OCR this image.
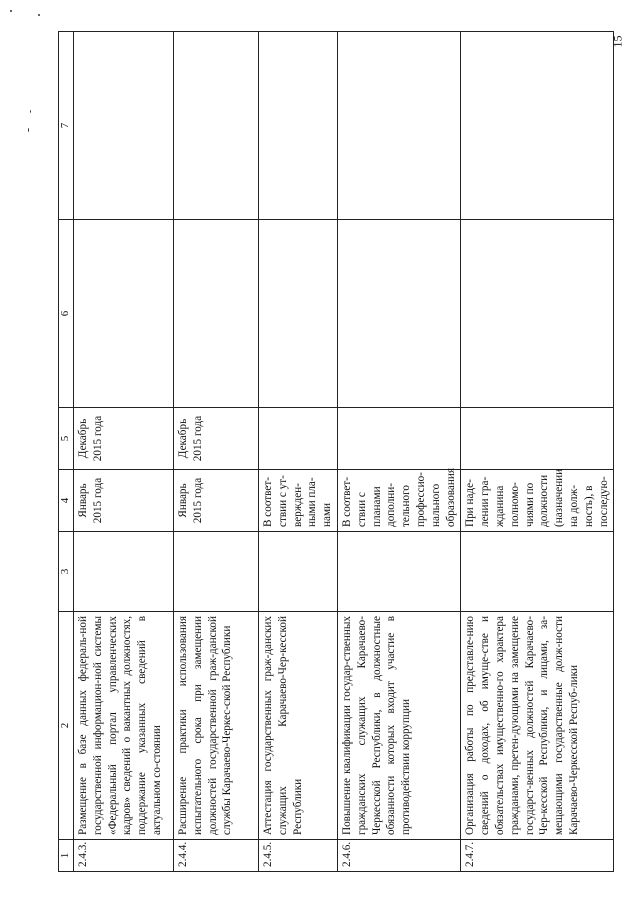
15
1	2	3	4	5	6	7
2.4.3.	Размещение в базе данных федераль-ной государственной информацион-ной системы «Федеральный портал управленческих кадров» сведений о вакантных должностях, поддержание указанных сведений в актуальном со-стоянии		Январь 2015 года	Декабрь 2015 года		
2.4.4.	Расширение практики использования испытательного срока при замещении должностей государственной граж-данской службы Карачаево-Черкес-ской Республики		Январь 2015 года	Декабрь 2015 года		
2.4.5.	Аттестация государственных граж-данских служащих Карачаево-Чер-кесской Республики		В соответ-ствии с ут-вержден-ными пла-нами			
2.4.6.	Повышение квалификации государ-ственных гражданских служащих Карачаево-Черкесской Республики, в должностные обязанности которых входит участие в противодействии коррупции		В соответ-ствии с планами дополни-тельного профессио-нального образования			
2.4.7.	Организация работы по представле-нию сведений о доходах, об имуще-стве и обязательствах имущественно-го характера гражданами, претен-дующими на замещение государст-венных должностей Карачаево-Чер-кесской Республики, и лицами, за-мещающими государственные долж-ности Карачаево-Черкесской Респуб-лики		При наде-лении гра-жданина полномо-чиями по должности (назначении на долж-ность), в последую-			
